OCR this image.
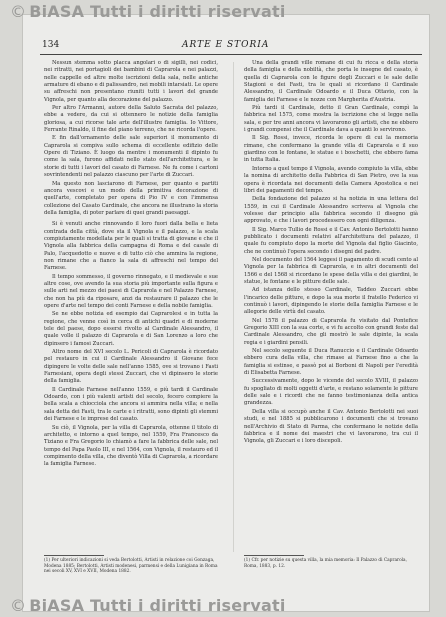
© BiASA Tutti i diritti riservati
134	ARTE E STORIA

Nessun stemma sotto placca angolari o di sigilli, nei codici, nei ritratti, nei portagioli dei bambini di Caprarola e nei palazzi, nelle cappelle ed altre molte iscrizioni della sala, nelle antiche armature di ebano e di palissandro, nei mobili intarsiati. Le opere su affreschi non presentano riuniti tutti i lavori del grande Vignola, per quanto alla decorazione del palazzo.

Per altro l'Armanni, autore della Saluto Sacrata del palazzo, ebbe a vedere, da cui si ottennero le notizie della famiglia gloriosa, a cui ricorse tale arte dell'illustre famiglia. Io Vittore, Ferrante Rinaldo, il fine del piano terreno, che ne ricorda l'opere.

E fin dall'ornamento delle sale superiori il monumento di Caprarola si compiva sullo schema di eccellente edifizio delle Opere di Tiziano. È luogo da mentre i monumenti il dipinto fu come la sala, furono affidati nello stato dell'architettura, e le storie di tutti i lavori del casato di Farnese. Ne fu come i cartoni sovrintendenti nel palazzo ciascuno per l'arte di Zuccari.

Ma questo non lasciarono di Farnese, per quanto e partiti ancora vescovi e un modo della primitiva decorazione di quell'arte, completato per opera di Pio IV e con l'immensa collezione del Casato Cardinale, che ancora ne illustrano la storia della famiglia, di poter parlare di quei grandi paesaggi.

Si è venuti anche rinnovando il loro fuori dalla bella e lieta contrada della città, dove sta il Vignola e il palazzo, e la scala compiutamente modellata per le quali si tratta di giovane e che il Vignola alla fabbrica della campagna di Roma e del casale di Palo, l'acquedotto e nuove e di tutto ciò che ammira la regione, non rimane che a fianco la sala di affreschi nel tempo del Farnese.

Il tempo sommesso, il governo rinnegato, e il medievale e sue altre cose, ove avendo la sua storia più importante sulla figura e sulle arti nel mezzo dei paesi di Caprarola e nel Palazzo Farnese, che non ha più da riposare, anzi da restaurare il palazzo che le opere d'arte nel tempo dei conti Farnese e della nobile famiglia.

Se ne ebbe notizia ed esempio dai Caprarolesi e in tutta la regione, che venne così in cerca di antichi quadri e di moderne tele del paese, dopo essersi rivolto al Cardinale Alessandro, il quale volle il palazzo di Caprarola e di San Lorenzo a loro che dipinsero i famosi Zuccari.

Altro nome del XVI secolo L. Pericoli di Caprarola è ricordato pel restauro in cui il Cardinale Alessandro il Giovane fece dipingere le volte delle sale nell'anno 1585, ove si trovano i Fasti Farnesiani, opera degli stessi Zuccari, che vi dipinsero le storie della famiglia.

Il Cardinale Farnese nell'anno 1559, e più tardi il Cardinale Odoardo, con i più valenti artisti del secolo, fecero compiere la bella scala a chiocciola che ancora si ammira nella villa; e nella sala detta dei Fasti, tra le carte e i ritratti, sono dipinti gli stemmi dei Farnese e le imprese del casato.

Su ciò, il Vignola, per la villa di Caprarola, ottenne il titolo di architetto, e intorno a quel tempo, nel 1559, Fra Francesco da Tiziano e Fra Gregorio lo chiamò a fare la fabbrica delle sale, nel tempo del Papa Paolo III, e nel 1564, con Vignola, il restauro ed il compimento della villa, che diventò Villa di Caprarola, a ricordare la famiglia Farnese.

Una della grandi ville romane di cui fu ricca e della storia della famiglia e della nobiltà, che porta le insegne del casato, è quella di Caprarola con le figure degli Zuccari e le sale delle Stagioni e dei Fasti, tra le quali si ricordano il Cardinale Alessandro, il Cardinale Odoardo e il Duca Ottavio, con la famiglia dei Farnese e le nozze con Margherita d'Austria.

Più tardi il Cardinale, detto il Gran Cardinale, compì la fabbrica nel 1575, come mostra la iscrizione che si legge nella sala, e per tre anni ancora vi lavorarono gli artisti, che ne ebbero i grandi compensi che il Cardinale dava a quanti lo servirono.

Il Sig. Rossi, invece, ricorda le opere di cui la memoria rimane, che confermano la grande villa di Caprarola e il suo giardino con le fontane, le statue e i boschetti, che ebbero fama in tutta Italia.

Intorno a quel tempo il Vignola, avendo compiuto la villa, ebbe la nomina di architetto della Fabbrica di San Pietro, ove la sua opera è ricordata nei documenti della Camera Apostolica e nei libri dei pagamenti del tempo.

Della fondazione del palazzo si ha notizia in una lettera del 1559, in cui il Cardinale Alessandro scriveva al Vignola che volesse dar principio alla fabbrica secondo il disegno già approvato, e che i lavori procedessero con ogni diligenza.

Il Sig. Marco Tullio de Rossi e il Cav. Antonio Bertolotti hanno pubblicato i documenti relativi all'architettura del palazzo, il quale fu compiuto dopo la morte del Vignola dal figlio Giacinto, che ne continuò l'opera secondo i disegni del padre.

Nel documento del 1564 leggesi il pagamento di scudi cento al Vignola per la fabbrica di Caprarola, e in altri documenti del 1566 e del 1568 si ricordano le spese della villa e dei giardini, le statue, le fontane e le pitture delle sale.

Ad istanza dello stesso Cardinale, Taddeo Zuccari ebbe l'incarico delle pitture, e dopo la sua morte il fratello Federico vi continuò i lavori, dipingendo le storie della famiglia Farnese e le allegorie delle virtù del casato.

Nel 1578 il palazzo di Caprarola fu visitato dal Pontefice Gregorio XIII con la sua corte, e vi fu accolto con grandi feste dal Cardinale Alessandro, che gli mostrò le sale dipinte, la scala regia e i giardini pensili.

Nel secolo seguente il Duca Ranuccio e il Cardinale Odoardo ebbero cura della villa, che rimase ai Farnese fino a che la famiglia si estinse, e passò poi ai Borboni di Napoli per l'eredità di Elisabetta Farnese.

Successivamente, dopo le vicende del secolo XVIII, il palazzo fu spogliato di molti oggetti d'arte, e restano solamente le pitture delle sale e i ricordi che ne fanno testimonianza della antica grandezza.

Della villa si occupò anche il Cav. Antonio Bertolotti nei suoi studi, e nel 1885 si pubblicarono i documenti che si trovano nell'Archivio di Stato di Parma, che confermano le notizie della fabbrica e il nome dei maestri che vi lavorarono, tra cui il Vignola, gli Zuccari e i loro discepoli.

(1) Per ulteriori indicazioni si veda Bertolotti, Artisti in relazione coi Gonzaga, Modena 1885; Bertolotti, Artisti modenesi, parmensi e della Lunigiana in Roma nei secoli XV, XVI e XVII, Modena 1882.
(1) Cfr. per notizie su questa villa, la mia memoria: Il Palazzo di Caprarola, Roma, 1883, p. 12.
© BiASA Tutti i diritti riservati
